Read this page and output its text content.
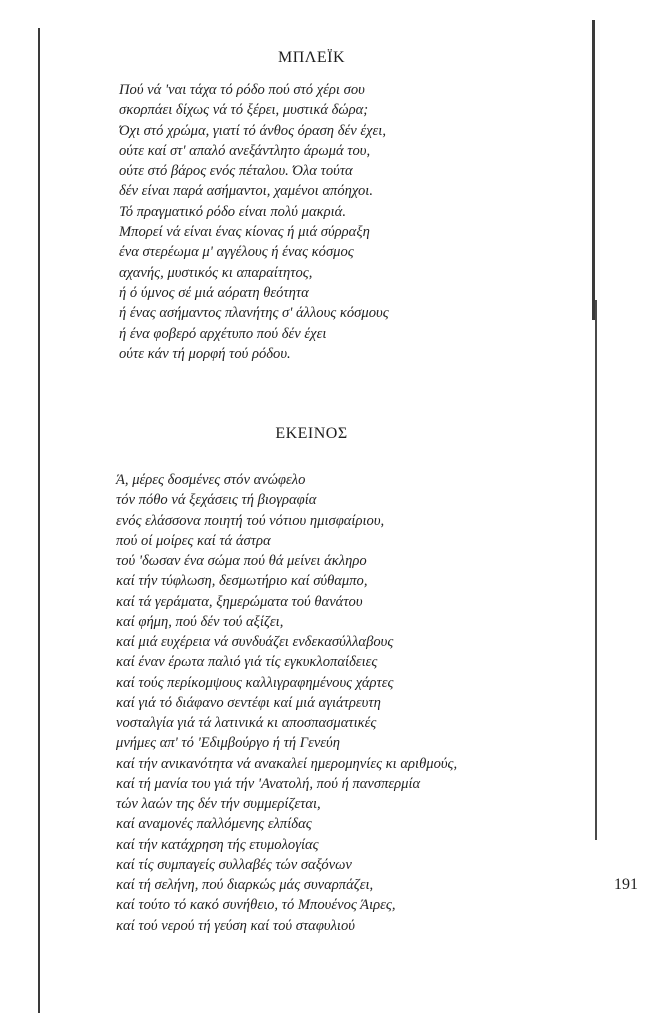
ΜΠΛΕΪΚ
Πού νά 'ναι τάχα τό ρόδο πού στό χέρι σου
σκορπάει δίχως νά τό ξέρει, μυστικά δώρα;
Όχι στό χρώμα, γιατί τό άνθος όραση δέν έχει,
ούτε καί στ' απαλό ανεξάντλητο άρωμά του,
ούτε στό βάρος ενός πέταλου. Όλα τούτα
δέν είναι παρά ασήμαντοι, χαμένοι απόηχοι.
Τό πραγματικό ρόδο είναι πολύ μακριά.
Μπορεί νά είναι ένας κίονας ή μιά σύρραξη
ένα στερέωμα μ' αγγέλους ή ένας κόσμος
αχανής, μυστικός κι απαραίτητος,
ή ό ύμνος σέ μιά αόρατη θεότητα
ή ένας ασήμαντος πλανήτης σ' άλλους κόσμους
ή ένα φοβερό αρχέτυπο πού δέν έχει
ούτε κάν τή μορφή τού ρόδου.
ΕΚΕΙΝΟΣ
Ά, μέρες δοσμένες στόν ανώφελο
τόν πόθο νά ξεχάσεις τή βιογραφία
ενός ελάσσονα ποιητή τού νότιου ημισφαίριου,
πού οί μοίρες καί τά άστρα
τού 'δωσαν ένα σώμα πού θά μείνει άκληρο
καί τήν τύφλωση, δεσμωτήριο καί σύθαμπο,
καί τά γεράματα, ξημερώματα τού θανάτου
καί φήμη, πού δέν τού αξίζει,
καί μιά ευχέρεια νά συνδυάζει ενδεκασύλλαβους
καί έναν έρωτα παλιό γιά τίς εγκυκλοπαίδειες
καί τούς περίκομψους καλλιγραφημένους χάρτες
καί γιά τό διάφανο σεντέφι καί μιά αγιάτρευτη
νοσταλγία γιά τά λατινικά κι αποσπασματικές
μνήμες απ' τό 'Εδιμβούργο ή τή Γενεύη
καί τήν ανικανότητα νά ανακαλεί ημερομηνίες κι αριθμούς,
καί τή μανία του γιά τήν 'Ανατολή, πού ή πανσπερμία
τών λαών της δέν τήν συμμερίζεται,
καί αναμονές παλλόμενης ελπίδας
καί τήν κατάχρηση τής ετυμολογίας
καί τίς συμπαγείς συλλαβές τών σαξόνων
καί τή σελήνη, πού διαρκώς μάς συναρπάζει,
καί τούτο τό κακό συνήθειο, τό Μπουένος Άιρες,
καί τού νερού τή γεύση καί τού σταφυλιού
191
